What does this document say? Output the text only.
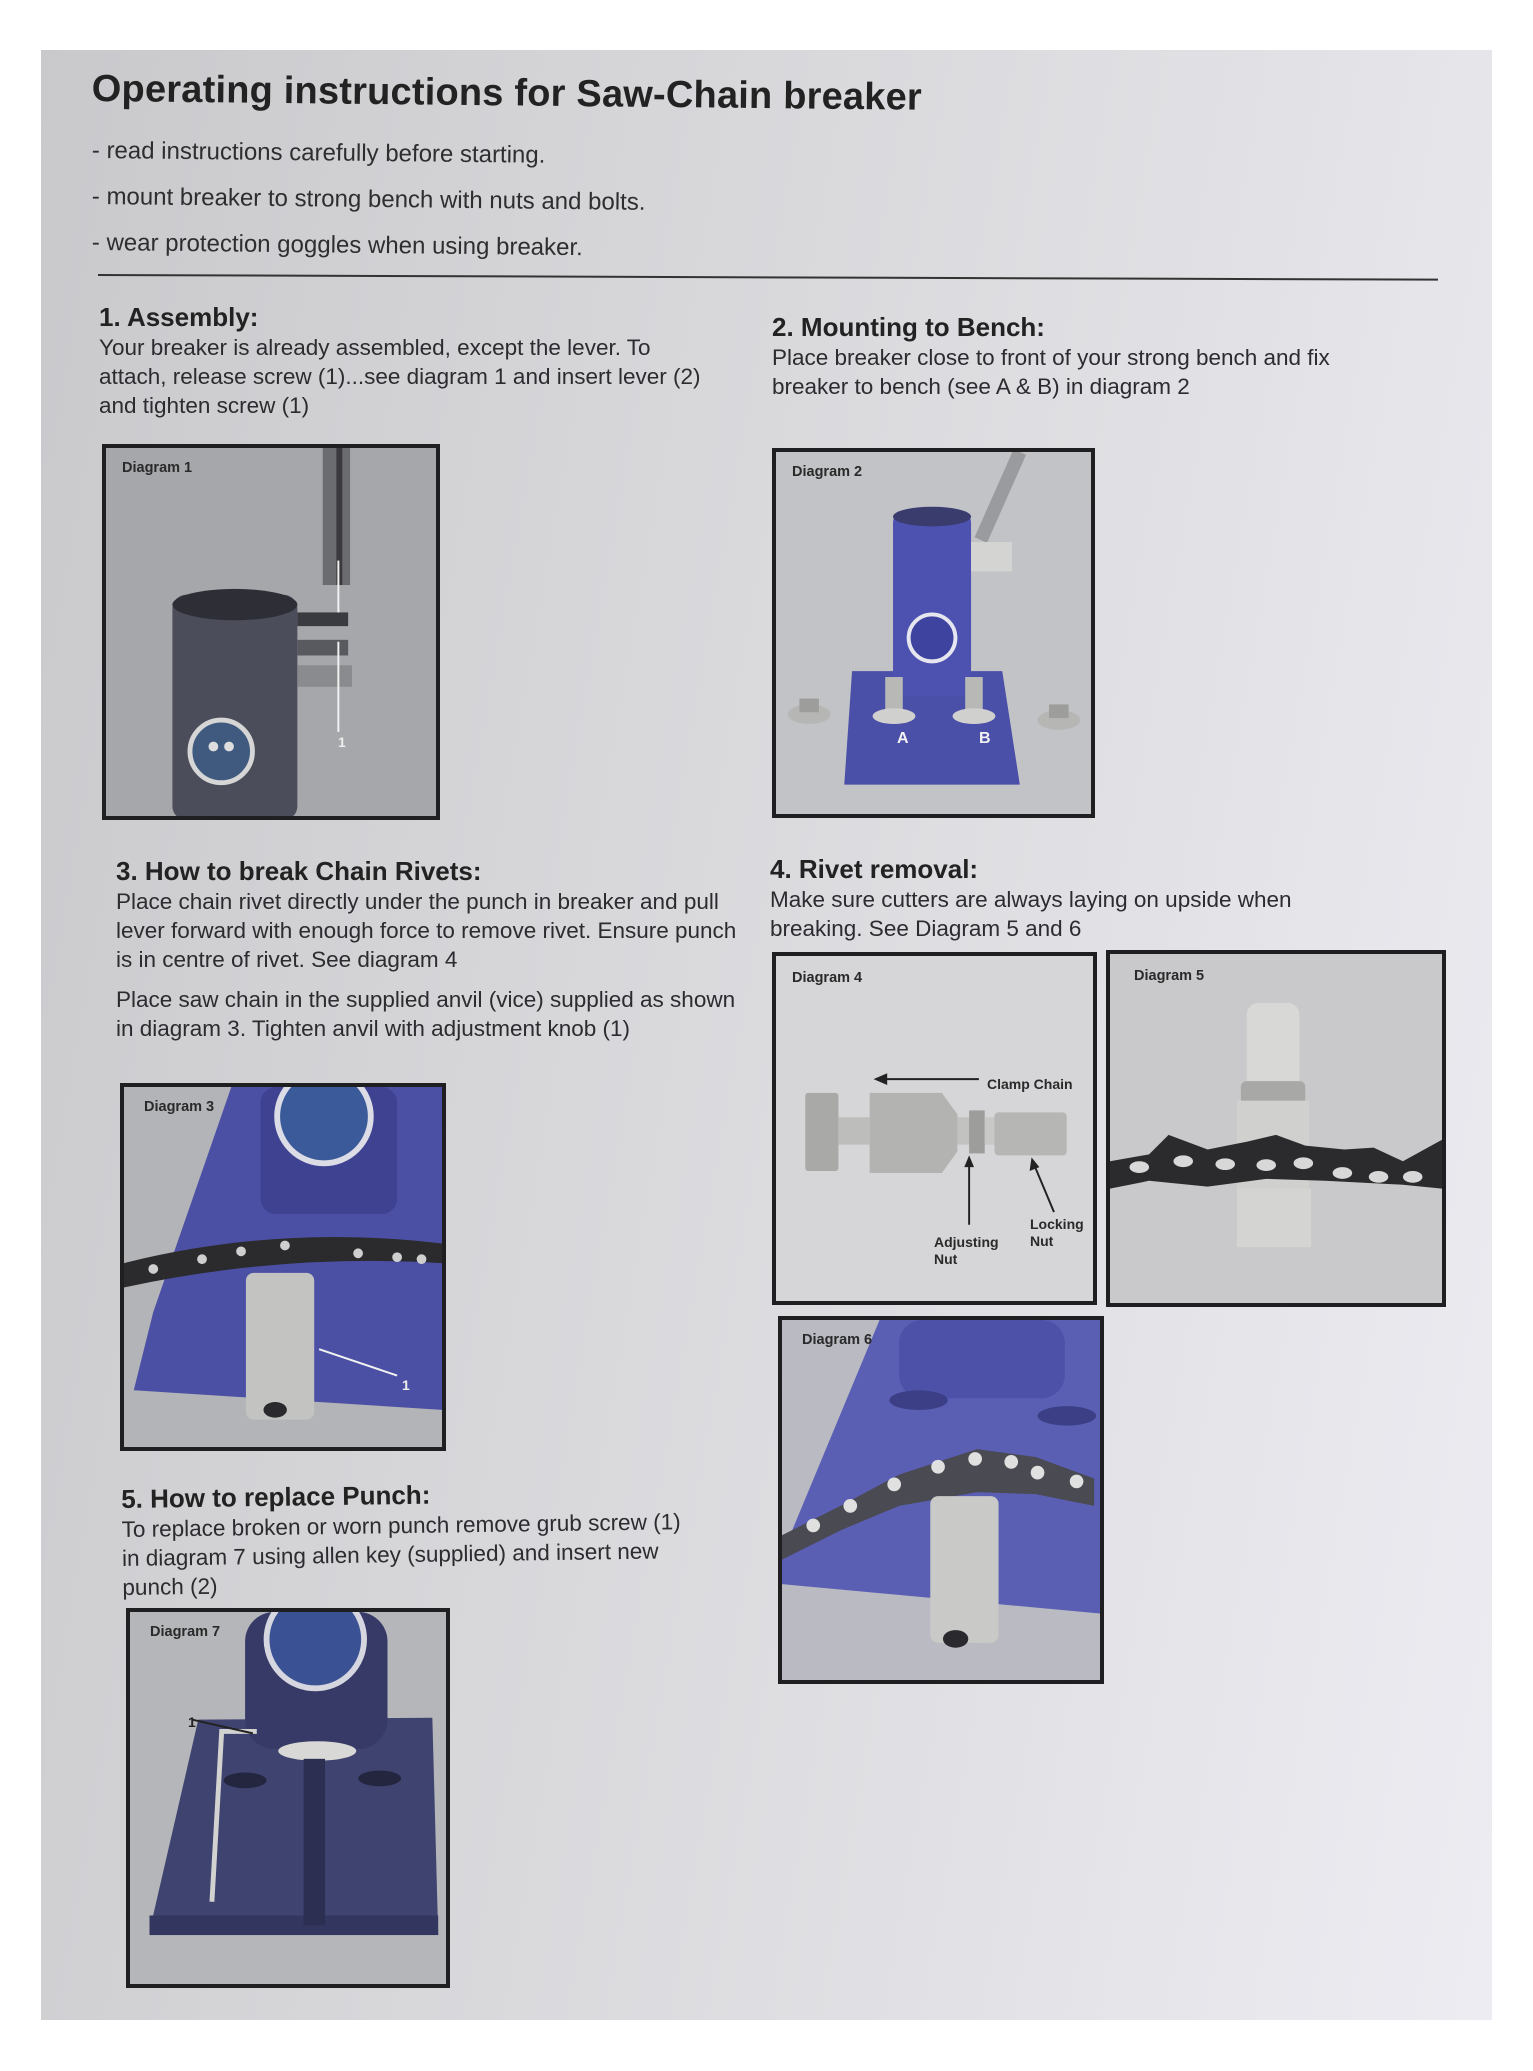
Operating instructions for Saw-Chain breaker
- read instructions carefully before starting.
- mount breaker to strong bench with nuts and bolts.
- wear protection goggles when using breaker.
1. Assembly:

Your breaker is already assembled, except the lever. To attach, release screw (1)...see diagram 1 and insert lever (2) and tighten screw (1)

2. Mounting to Bench:

Place breaker close to front of your strong bench and fix breaker to bench (see A & B) in diagram 2

3. How to break Chain Rivets:

Place chain rivet directly under the punch in breaker and pull lever forward with enough force to remove rivet. Ensure punch is in centre of rivet. See diagram 4

Place saw chain in the supplied anvil (vice) supplied as shown in diagram 3. Tighten anvil with adjustment knob (1)

4. Rivet removal:

Make sure cutters are always laying on upside when breaking. See Diagram 5 and 6

5. How to replace Punch:

To replace broken or worn punch remove grub screw (1) in diagram 7 using allen key (supplied) and insert new punch (2)

Diagram 1
1
Diagram 2
A	B
Diagram 3
1
Diagram 4
Clamp Chain
Adjusting Nut
Locking Nut
Diagram 5
Diagram 6
Diagram 7
1
